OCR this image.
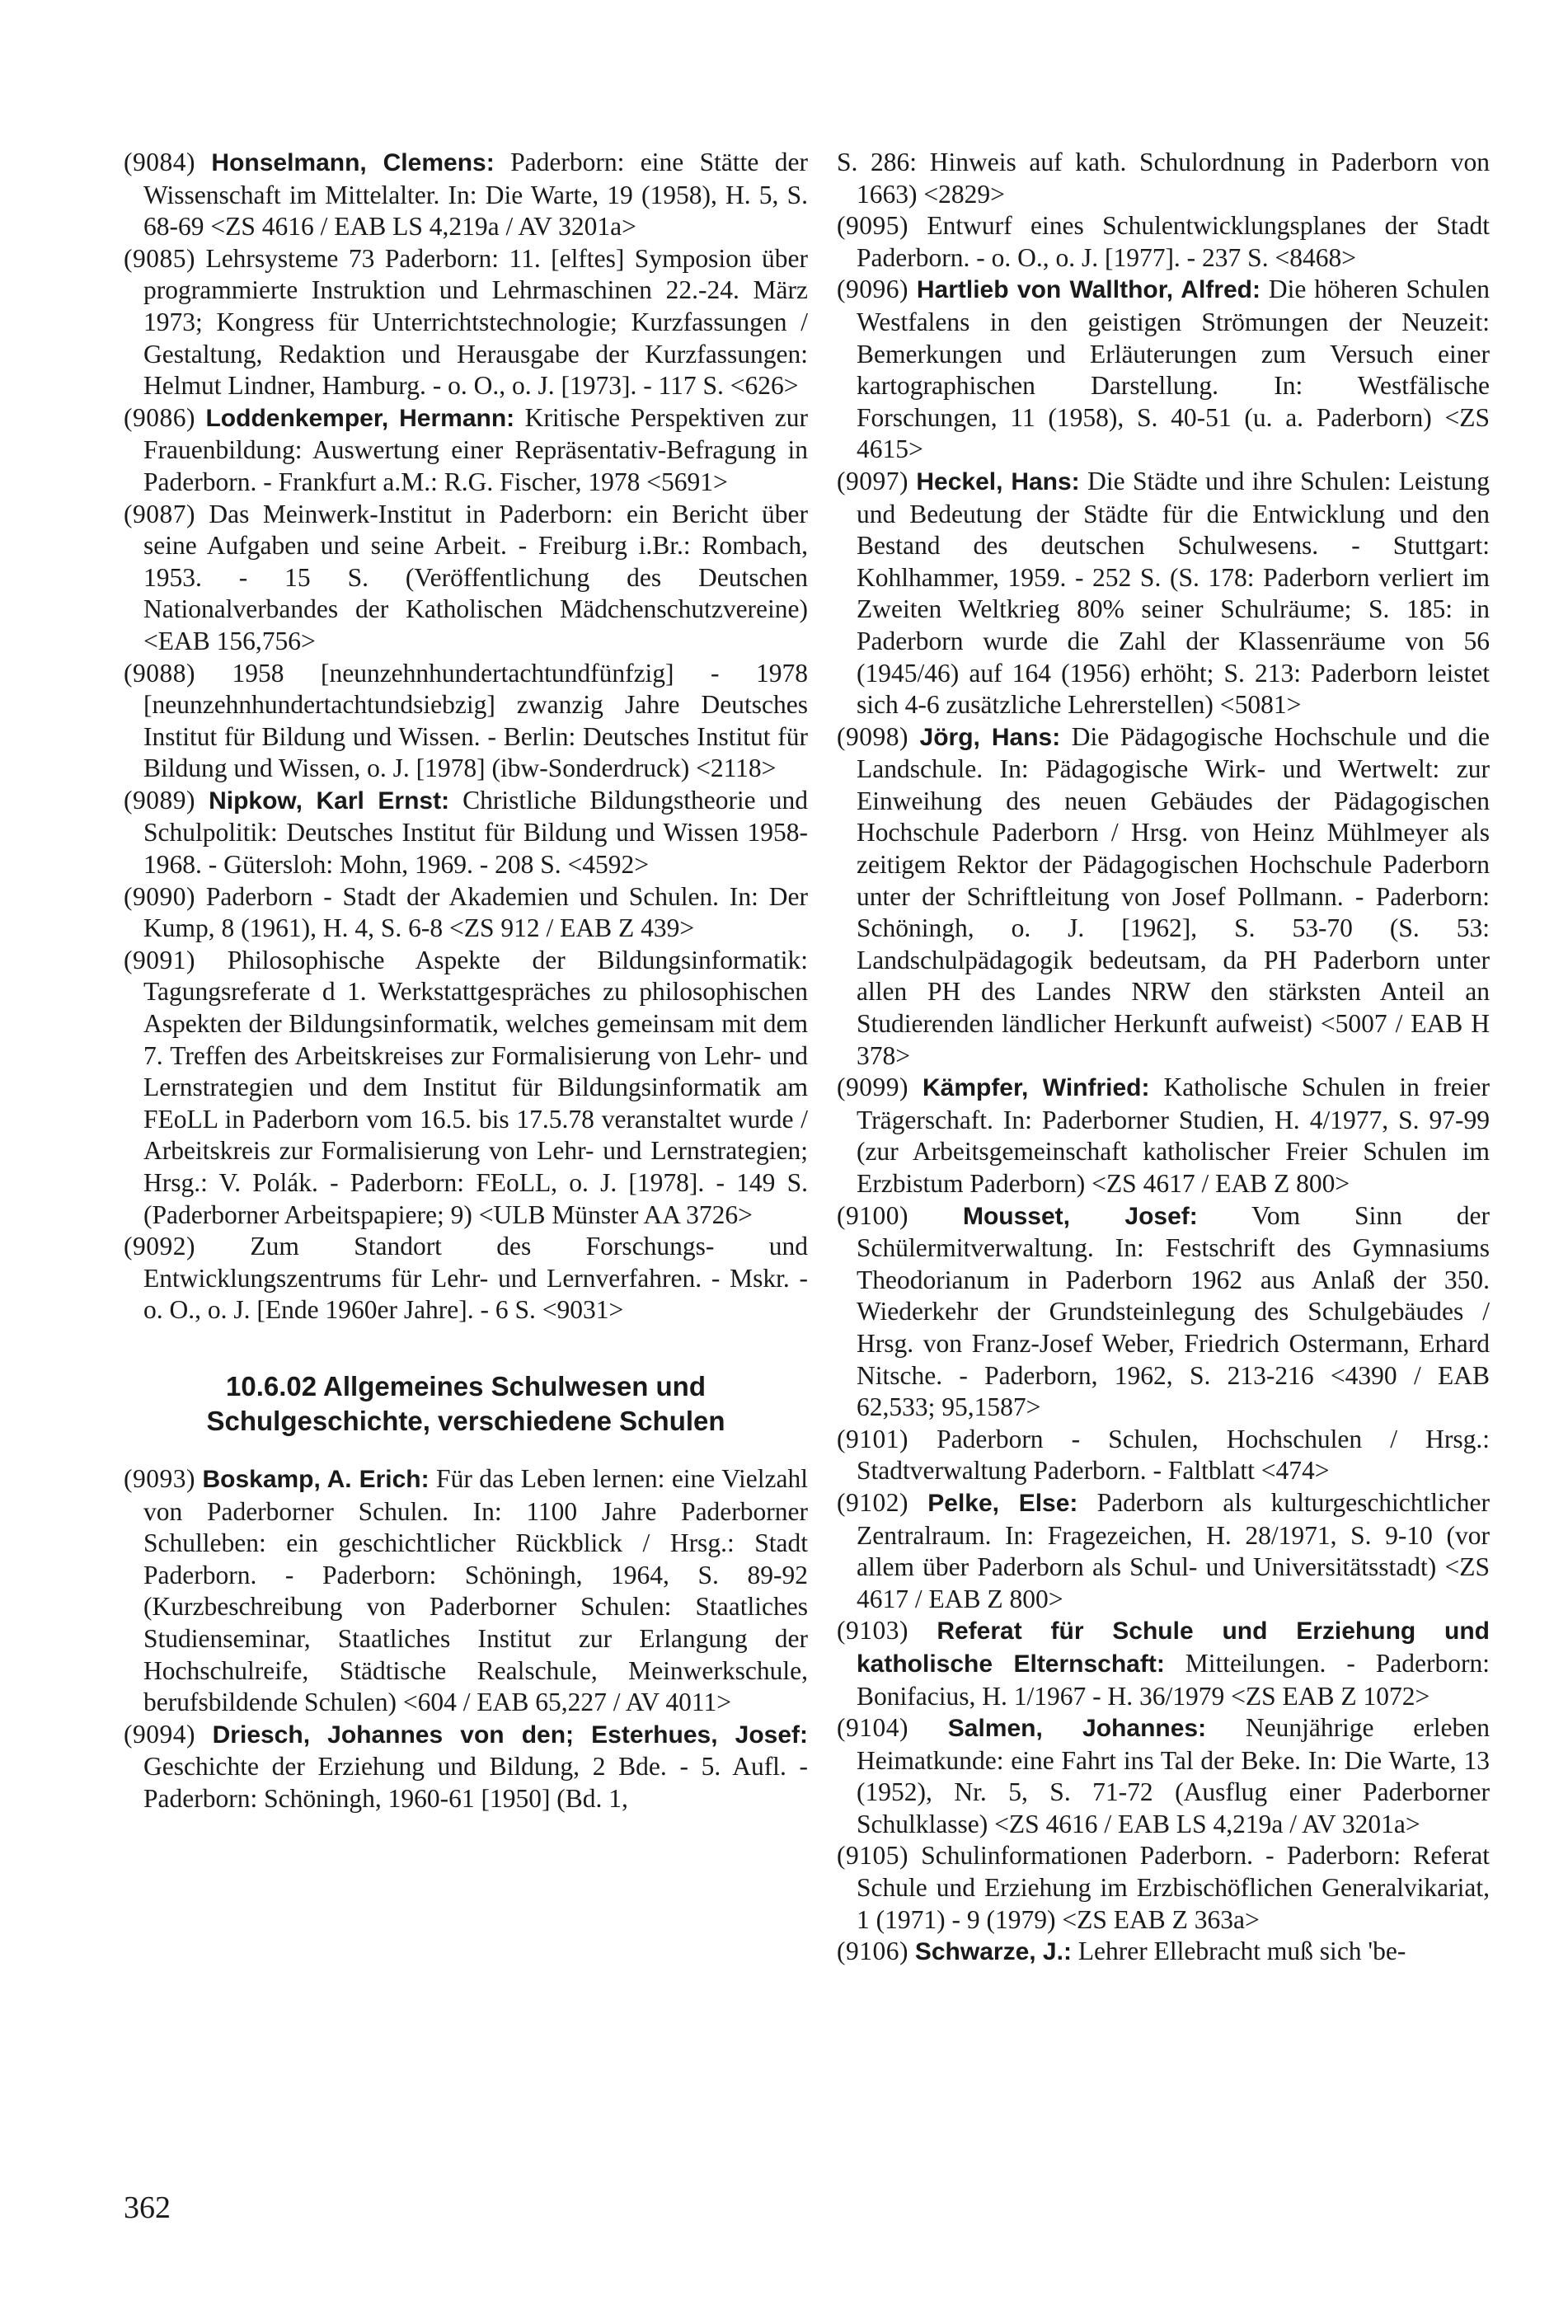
(9084) Honselmann, Clemens: Paderborn: eine Stätte der Wissenschaft im Mittelalter. In: Die Warte, 19 (1958), H. 5, S. 68-69 <ZS 4616 / EAB LS 4,219a / AV 3201a>

(9085) Lehrsysteme 73 Paderborn: 11. [elftes] Symposion über programmierte Instruktion und Lehrmaschinen 22.-24. März 1973; Kongress für Unterrichtstechnologie; Kurzfassungen / Gestaltung, Redaktion und Herausgabe der Kurzfassungen: Helmut Lindner, Hamburg. - o. O., o. J. [1973]. - 117 S. <626>

(9086) Loddenkemper, Hermann: Kritische Perspektiven zur Frauenbildung: Auswertung einer Repräsentativ-Befragung in Paderborn. - Frankfurt a.M.: R.G. Fischer, 1978 <5691>

(9087) Das Meinwerk-Institut in Paderborn: ein Bericht über seine Aufgaben und seine Arbeit. - Freiburg i.Br.: Rombach, 1953. - 15 S. (Veröffentlichung des Deutschen Nationalverbandes der Katholischen Mädchenschutzvereine) <EAB 156,756>

(9088) 1958 [neunzehnhundertachtundfünfzig] - 1978 [neunzehnhundertachtundsiebzig] zwanzig Jahre Deutsches Institut für Bildung und Wissen. - Berlin: Deutsches Institut für Bildung und Wissen, o. J. [1978] (ibw-Sonderdruck) <2118>

(9089) Nipkow, Karl Ernst: Christliche Bildungstheorie und Schulpolitik: Deutsches Institut für Bildung und Wissen 1958-1968. - Gütersloh: Mohn, 1969. - 208 S. <4592>

(9090) Paderborn - Stadt der Akademien und Schulen. In: Der Kump, 8 (1961), H. 4, S. 6-8 <ZS 912 / EAB Z 439>

(9091) Philosophische Aspekte der Bildungsinformatik: Tagungsreferate d 1. Werkstattgespräches zu philosophischen Aspekten der Bildungsinformatik, welches gemeinsam mit dem 7. Treffen des Arbeitskreises zur Formalisierung von Lehr- und Lernstrategien und dem Institut für Bildungsinformatik am FEoLL in Paderborn vom 16.5. bis 17.5.78 veranstaltet wurde / Arbeitskreis zur Formalisierung von Lehr- und Lernstrategien; Hrsg.: V. Polák. - Paderborn: FEoLL, o. J. [1978]. - 149 S. (Paderborner Arbeitspapiere; 9) <ULB Münster AA 3726>

(9092) Zum Standort des Forschungs- und Entwicklungszentrums für Lehr- und Lernverfahren. - Mskr. - o. O., o. J. [Ende 1960er Jahre]. - 6 S. <9031>

10.6.02 Allgemeines Schulwesen und
Schulgeschichte, verschiedene Schulen

(9093) Boskamp, A. Erich: Für das Leben lernen: eine Vielzahl von Paderborner Schulen. In: 1100 Jahre Paderborner Schulleben: ein geschichtlicher Rückblick / Hrsg.: Stadt Paderborn. - Paderborn: Schöningh, 1964, S. 89-92 (Kurzbeschreibung von Paderborner Schulen: Staatliches Studienseminar, Staatliches Institut zur Erlangung der Hochschulreife, Städtische Realschule, Meinwerkschule, berufsbildende Schulen) <604 / EAB 65,227 / AV 4011>

(9094) Driesch, Johannes von den; Esterhues, Josef: Geschichte der Erziehung und Bildung, 2 Bde. - 5. Aufl. - Paderborn: Schöningh, 1960-61 [1950] (Bd. 1,

S. 286: Hinweis auf kath. Schulordnung in Paderborn von 1663) <2829>

(9095) Entwurf eines Schulentwicklungsplanes der Stadt Paderborn. - o. O., o. J. [1977]. - 237 S. <8468>

(9096) Hartlieb von Wallthor, Alfred: Die höheren Schulen Westfalens in den geistigen Strömungen der Neuzeit: Bemerkungen und Erläuterungen zum Versuch einer kartographischen Darstellung. In: Westfälische Forschungen, 11 (1958), S. 40-51 (u. a. Paderborn) <ZS 4615>

(9097) Heckel, Hans: Die Städte und ihre Schulen: Leistung und Bedeutung der Städte für die Entwicklung und den Bestand des deutschen Schulwesens. - Stuttgart: Kohlhammer, 1959. - 252 S. (S. 178: Paderborn verliert im Zweiten Weltkrieg 80% seiner Schulräume; S. 185: in Paderborn wurde die Zahl der Klassenräume von 56 (1945/46) auf 164 (1956) erhöht; S. 213: Paderborn leistet sich 4-6 zusätzliche Lehrerstellen) <5081>

(9098) Jörg, Hans: Die Pädagogische Hochschule und die Landschule. In: Pädagogische Wirk- und Wertwelt: zur Einweihung des neuen Gebäudes der Pädagogischen Hochschule Paderborn / Hrsg. von Heinz Mühlmeyer als zeitigem Rektor der Pädagogischen Hochschule Paderborn unter der Schriftleitung von Josef Pollmann. - Paderborn: Schöningh, o. J. [1962], S. 53-70 (S. 53: Landschulpädagogik bedeutsam, da PH Paderborn unter allen PH des Landes NRW den stärksten Anteil an Studierenden ländlicher Herkunft aufweist) <5007 / EAB H 378>

(9099) Kämpfer, Winfried: Katholische Schulen in freier Trägerschaft. In: Paderborner Studien, H. 4/1977, S. 97-99 (zur Arbeitsgemeinschaft katholischer Freier Schulen im Erzbistum Paderborn) <ZS 4617 / EAB Z 800>

(9100) Mousset, Josef: Vom Sinn der Schülermitverwaltung. In: Festschrift des Gymnasiums Theodorianum in Paderborn 1962 aus Anlaß der 350. Wiederkehr der Grundsteinlegung des Schulgebäudes / Hrsg. von Franz-Josef Weber, Friedrich Ostermann, Erhard Nitsche. - Paderborn, 1962, S. 213-216 <4390 / EAB 62,533; 95,1587>

(9101) Paderborn - Schulen, Hochschulen / Hrsg.: Stadtverwaltung Paderborn. - Faltblatt <474>

(9102) Pelke, Else: Paderborn als kulturgeschichtlicher Zentralraum. In: Fragezeichen, H. 28/1971, S. 9-10 (vor allem über Paderborn als Schul- und Universitätsstadt) <ZS 4617 / EAB Z 800>

(9103) Referat für Schule und Erziehung und katholische Elternschaft: Mitteilungen. - Paderborn: Bonifacius, H. 1/1967 - H. 36/1979 <ZS EAB Z 1072>

(9104) Salmen, Johannes: Neunjährige erleben Heimatkunde: eine Fahrt ins Tal der Beke. In: Die Warte, 13 (1952), Nr. 5, S. 71-72 (Ausflug einer Paderborner Schulklasse) <ZS 4616 / EAB LS 4,219a / AV 3201a>

(9105) Schulinformationen Paderborn. - Paderborn: Referat Schule und Erziehung im Erzbischöflichen Generalvikariat, 1 (1971) - 9 (1979) <ZS EAB Z 363a>

(9106) Schwarze, J.: Lehrer Ellebracht muß sich 'be-

362
